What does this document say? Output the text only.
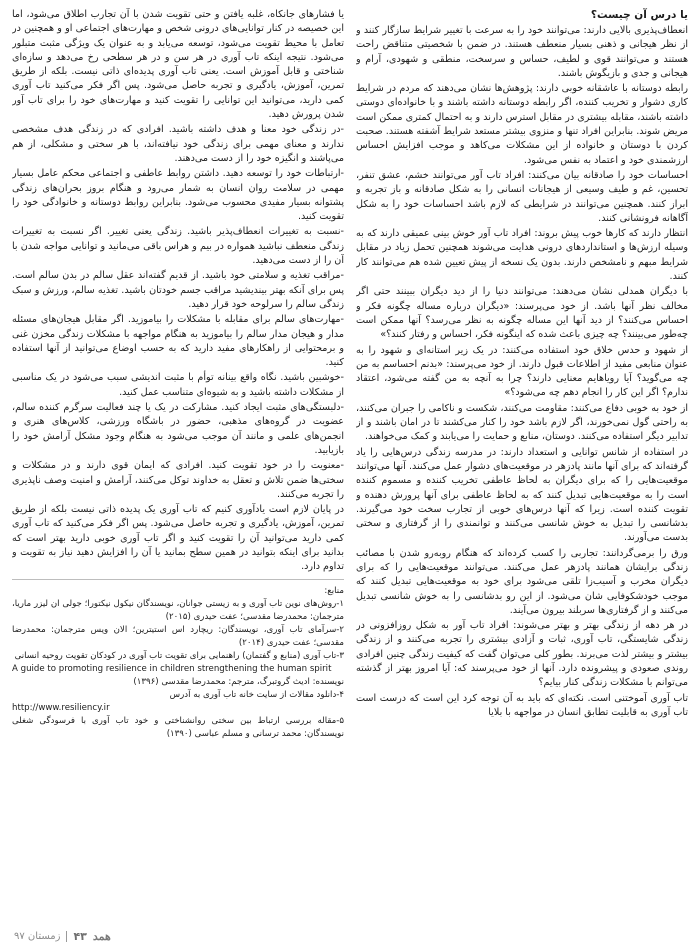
یا درس آن چیست؟

انعطاف‌پذیری بالایی دارند: می‌توانند خود را به سرعت با تغییر شرایط سازگار کنند و از نظر هیجانی و ذهنی بسیار منعطف هستند. در ضمن با شخصیتی متناقض راحت هستند و می‌توانند قوی و لطیف، حساس و سرسخت، منطقی و شهودی، آرام و هیجانی و جدی و بازیگوش باشند.

رابطه دوستانه با عاشقانه خوبی دارند: پژوهش‌ها نشان می‌دهند که مردم در شرایط کاری دشوار و تخریب کننده، اگر رابطه دوستانه داشته باشند و با خانواده‌ای دوستی داشته باشند، مقابله بیشتری در مقابل استرس دارند و به احتمال کمتری ممکن است مریض شوند. بنابراین افراد تنها و منزوی بیشتر مستعد شرایط آشفته هستند. صحبت کردن با دوستان و خانواده از این مشکلات می‌کاهد و موجب افزایش احساس ارزشمندی خود و اعتماد به نفس می‌شود.

احساسات خود را صادقانه بیان می‌کنند: افراد تاب آور می‌توانند خشم، عشق تنفر، تحسین، غم و طیف وسیعی از هیجانات انسانی را به شکل صادقانه و باز تجربه و ابراز کنند. همچنین می‌توانند در شرایطی که لازم باشد احساسات خود را به شکل آگاهانه فرونشانی کنند.

انتظار دارند که کارها خوب پیش بروند: افراد تاب آور خوش بینی عمیقی دارند که به وسیله ارزش‌ها و استانداردهای درونی هدایت می‌شوند همچنین تحمل زیاد در مقابل شرایط مبهم و نامشخص دارند. بدون یک نسخه از پیش تعیین شده هم می‌توانند کار کنند.

با دیگران همدلی نشان می‌دهند: می‌توانند دنیا را از دید دیگران ببینند حتی اگر مخالف نظر آنها باشد. از خود می‌پرسند: «دیگران درباره مساله چگونه فکر و احساس می‌کنند؟ از دید آنها این مساله چگونه به نظر می‌رسد؟ آنها ممکن است چه‌طور می‌بینند؟ چه چیزی باعث شده که اینگونه فکر، احساس و رفتار کنند؟»

از شهود و حدس خلاق خود استفاده می‌کنند: در یک زیر استانه‌ای و شهود را به عنوان منابعی مفید از اطلاعات قبول دارند. از خود می‌پرسند: «بدنم احساسم به من چه می‌گوید؟ آیا رویاهایم معنایی دارند؟ چرا به آنچه به من گفته می‌شود، اعتقاد ندارم؟ اگر این کار را انجام دهم چه می‌شود؟»

از خود به خوبی دفاع می‌کنند: مقاومت می‌کنند، شکست و ناکامی را جبران می‌کنند، به راحتی گول نمی‌خورند، اگر لازم باشد خود را کنار می‌کشند تا در امان باشند و از تدابیر دیگر استفاده می‌کنند. دوستان، منابع و حمایت را می‌یابند و کمک می‌خواهند.

در استفاده از شانس توانایی و استعداد دارند: در مدرسه زندگی درس‌هایی را یاد گرفته‌اند که برای آنها مانند پادزهر در موقعیت‌های دشوار عمل می‌کنند. آنها می‌توانند موقعیت‌هایی را که برای دیگران به لحاظ عاطفی تخریب کننده و مسموم کننده است را به موقعیت‌هایی تبدیل کنند که به لحاظ عاطفی برای آنها پرورش دهنده و تقویت کننده است. زیرا که آنها درس‌های خوبی از تجارب سخت خود می‌گیرند. بدشانسی را تبدیل به خوش شانسی می‌کنند و توانمندی را از گرفتاری و سختی بدست می‌آورند.

ورق را برمی‌گردانند: تجاربی را کسب کرده‌اند که هنگام روبه‌رو شدن با مصائب زندگی برایشان همانند پادزهر عمل می‌کنند. می‌توانند موقعیت‌هایی را که برای دیگران مخرب و آسیب‌زا تلقی می‌شود برای خود به موقعیت‌هایی تبدیل کنند که موجب خودشکوفایی شان می‌شود. از این رو بدشانسی را به خوش شانسی تبدیل می‌کنند و از گرفتاری‌ها سربلند بیرون می‌آیند.

در هر دهه از زندگی بهتر و بهتر می‌شوند: افراد تاب آور به شکل روزافزونی در زندگی شایستگی، تاب آوری، ثبات و آزادی بیشتری را تجربه می‌کنند و از زندگی بیشتر و بیشتر لذت می‌برند. بطور کلی می‌توان گفت که کیفیت زندگی چنین افرادی روندی صعودی و پیشرونده دارد. آنها از خود می‌پرسند که: آیا امروز بهتر از گذشته می‌توانم با مشکلات زندگی کنار بیایم؟

تاب آوری آموختنی است. نکته‌ای که باید به آن توجه کرد این است که درست است تاب آوری به قابلیت تطابق انسان در مواجهه با بلایا

یا فشارهای جانکاه، غلبه یافتن و حتی تقویت شدن با آن تجارب اطلاق می‌شود، اما این خصیصه در کنار توانایی‌های درونی شخص و مهارت‌های اجتماعی او و همچنین در تعامل با محیط تقویت می‌شود، توسعه می‌یابد و به عنوان یک ویژگی مثبت متبلور می‌شود. نتیجه اینکه تاب آوری در هر سن و در هر سطحی رخ می‌دهد و سازه‌ای شناختی و قابل آموزش است. یعنی تاب آوری پدیده‌ای ذاتی نیست. بلکه از طریق تمرین، آموزش، یادگیری و تجربه حاصل می‌شود. پس اگر فکر می‌کنید تاب آوری کمی دارید، می‌توانید این توانایی را تقویت کنید و مهارت‌های خود را برای تاب آور شدن پرورش دهید.

-در زندگی خود معنا و هدف داشته باشید. افرادی که در زندگی هدف مشخصی ندارند و معنای مهمی برای زندگی خود نیافته‌اند، با هر سختی و مشکلی، از هم می‌پاشند و انگیزه خود را از دست می‌دهند.

-ارتباطات خود را توسعه دهید. داشتن روابط عاطفی و اجتماعی محکم عامل بسیار مهمی در سلامت روان انسان به شمار می‌رود و هنگام بروز بحران‌های زندگی پشتوانه بسیار مفیدی محسوب می‌شود. بنابراین روابط دوستانه و خانوادگی خود را تقویت کنید.

-نسبت به تغییرات انعطاف‌پذیر باشید. زندگی یعنی تغییر. اگر نسبت به تغییرات زندگی منعطف نباشید همواره در بیم و هراس باقی می‌مانید و توانایی مواجه شدن با آن را از دست می‌دهید.

-مراقب تغذیه و سلامتی خود باشید. از قدیم گفته‌اند عقل سالم در بدن سالم است. پس برای آنکه بهتر بیندیشید مراقب جسم خودتان باشید. تغذیه سالم، ورزش و سبک زندگی سالم را سرلوحه خود قرار دهید.

-مهارت‌های سالم برای مقابله با مشکلات را بیاموزید. اگر مقابل هیجان‌های مسئله مدار و هیجان مدار سالم را بیاموزید به هنگام مواجهه با مشکلات زندگی مخزن غنی و برمحتوایی از راهکارهای مفید دارید که به حسب اوضاع می‌توانید از آنها استفاده کنید.

-خوشبین باشید. نگاه واقع بینانه توأم با مثبت اندیشی سبب می‌شود در یک مناسبی از مشکلات داشته باشید و به شیوه‌ای متناسب عمل کنید.

-دلبستگی‌های مثبت ایجاد کنید. مشارکت در یک یا چند فعالیت سرگرم کننده سالم، عضویت در گروه‌های مذهبی، حضور در باشگاه ورزشی، کلاس‌های هنری و انجمن‌های علمی و مانند آن موجب می‌شود به هنگام وجود مشکل آرامش خود را بازیابید.

-معنویت را در خود تقویت کنید. افرادی که ایمان قوی دارند و در مشکلات و سختی‌ها ضمن تلاش و تعقل به خداوند توکل می‌کنند، آرامش و امنیت وصف ناپذیری را تجربه می‌کنند.

در پایان لازم است یادآوری کنیم که تاب آوری یک پدیده ذاتی نیست بلکه از طریق تمرین، آموزش، یادگیری و تجربه حاصل می‌شود. پس اگر فکر می‌کنید که تاب آوری کمی دارید می‌توانید آن را تقویت کنید و اگر تاب آوری خوبی دارید بهتر است که بدانید برای اینکه بتوانید در همین سطح بمانید یا آن را افزایش دهید نیاز به تقویت و تداوم دارد.

منابع:

۱-روش‌های نوین تاب آوری و به زیستی جوانان، نویسندگان نیکول نیکتورا؛ جولی ان لیزر ماریا، مترجمان: محمدرضا مقدسی؛ عفت حیدری (۲۰۱۵)

۲-سرآمای تاب آوری، نویسندگان: ریچارد اس استیترین؛ الان ویس مترجمان: محمدرضا مقدسی؛ عفت حیدری (۲۰۱۴)

۳-تاب آوری (منابع و گفتمان) راهنمایی برای تقویت تاب آوری در کودکان تقویت روحیه انسانی

A guide to promoting resilience in children strengthening the human spirit

نویسنده: ادیث گروتبرگ، مترجم: محمدرضا مقدسی (۱۳۹۶)

۴-دانلود مقالات از سایت خانه تاب آوری به آدرس

http://www.resiliency.ir

۵-مقاله بررسی ارتباط بین سختی روانشناختی و خود تاب آوری با فرسودگی شغلی نویسندگان: محمد ترسانی و مسلم عباسی (۱۳۹۰)

همد
۴۳
زمستان ۹۷
